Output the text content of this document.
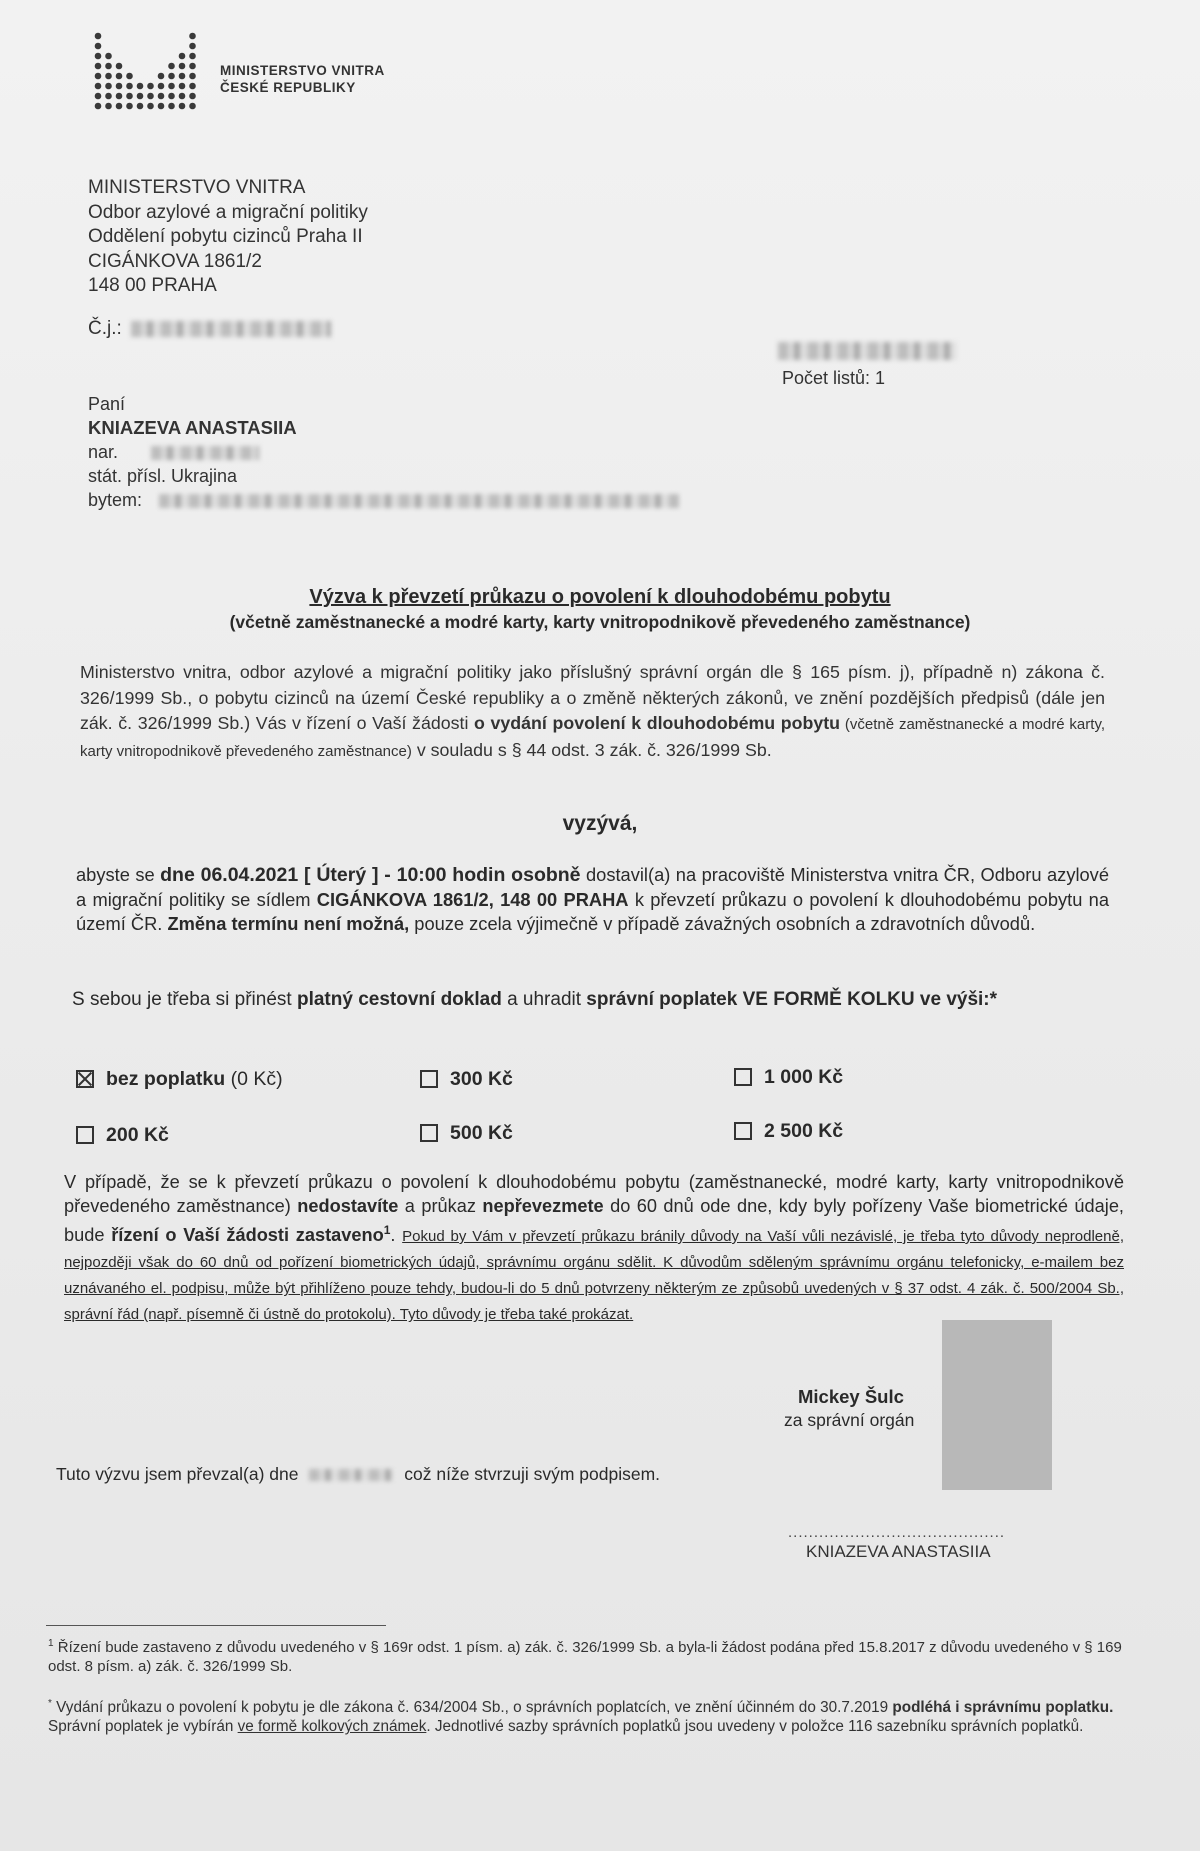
MINISTERSTVO VNITRA
ČESKÉ REPUBLIKY
MINISTERSTVO VNITRA
Odbor azylové a migrační politiky
Oddělení pobytu cizinců Praha II
CIGÁNKOVA 1861/2
148 00 PRAHA
Č.j.:
Počet listů: 1
Paní
KNIAZEVA ANASTASIIA
nar.
stát. přísl. Ukrajina
bytem:
Výzva k převzetí průkazu o povolení k dlouhodobému pobytu
(včetně zaměstnanecké a modré karty, karty vnitropodnikově převedeného zaměstnance)
Ministerstvo vnitra, odbor azylové a migrační politiky jako příslušný správní orgán dle § 165 písm. j), případně n) zákona č. 326/1999 Sb., o pobytu cizinců na území České republiky a o změně některých zákonů, ve znění pozdějších předpisů (dále jen zák. č. 326/1999 Sb.) Vás v řízení o Vaší žádosti o vydání povolení k dlouhodobému pobytu (včetně zaměstnanecké a modré karty, karty vnitropodnikově převedeného zaměstnance) v souladu s § 44 odst. 3 zák. č. 326/1999 Sb.
vyzývá,
abyste se dne 06.04.2021 [ Úterý ] - 10:00 hodin osobně dostavil(a) na pracoviště Ministerstva vnitra ČR, Odboru azylové a migrační politiky se sídlem CIGÁNKOVA 1861/2, 148 00 PRAHA k převzetí průkazu o povolení k dlouhodobému pobytu na území ČR. Změna termínu není možná, pouze zcela výjimečně v případě závažných osobních a zdravotních důvodů.
S sebou je třeba si přinést platný cestovní doklad a uhradit správní poplatek VE FORMĚ KOLKU ve výši:*
bez poplatku (0 Kč)	300 Kč	1 000 Kč
200 Kč	500 Kč	2 500 Kč
V případě, že se k převzetí průkazu o povolení k dlouhodobému pobytu (zaměstnanecké, modré karty, karty vnitropodnikově převedeného zaměstnance) nedostavíte a průkaz nepřevezmete do 60 dnů ode dne, kdy byly pořízeny Vaše biometrické údaje, bude řízení o Vaší žádosti zastaveno$^1$. Pokud by Vám v převzetí průkazu bránily důvody na Vaší vůli nezávislé, je třeba tyto důvody neprodleně, nejpozději však do 60 dnů od pořízení biometrických údajů, správnímu orgánu sdělit. K důvodům sděleným správnímu orgánu telefonicky, e-mailem bez uznávaného el. podpisu, může být přihlíženo pouze tehdy, budou-li do 5 dnů potvrzeny některým ze způsobů uvedených v § 37 odst. 4 zák. č. 500/2004 Sb., správní řád (např. písemně či ústně do protokolu). Tyto důvody je třeba také prokázat.
Mickey Šulc
za správní orgán
Tuto výzvu jsem převzal(a) dne	což níže stvrzuji svým podpisem.
..........................................
KNIAZEVA ANASTASIIA
$^1$ Řízení bude zastaveno z důvodu uvedeného v § 169r odst. 1 písm. a) zák. č. 326/1999 Sb. a byla-li žádost podána před 15.8.2017 z důvodu uvedeného v § 169 odst. 8 písm. a) zák. č. 326/1999 Sb.
* Vydání průkazu o povolení k pobytu je dle zákona č. 634/2004 Sb., o správních poplatcích, ve znění účinném do 30.7.2019 podléhá i správnímu poplatku. Správní poplatek je vybírán ve formě kolkových známek. Jednotlivé sazby správních poplatků jsou uvedeny v položce 116 sazebníku správních poplatků.
